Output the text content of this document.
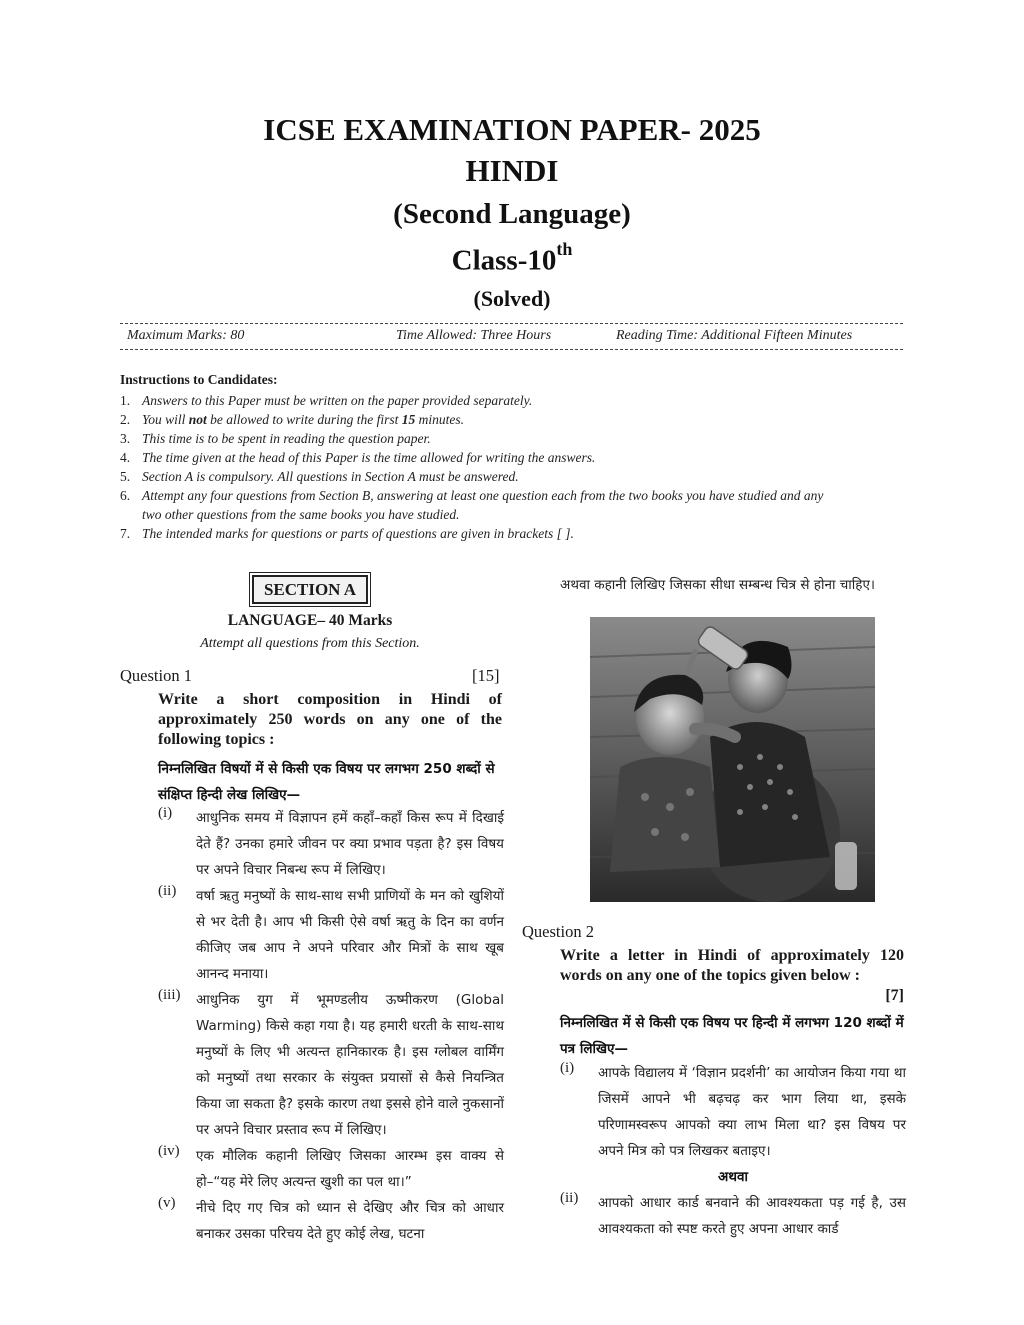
ICSE EXAMINATION PAPER- 2025
HINDI
(Second Language)
Class-10th
(Solved)
Maximum Marks: 80	Time Allowed: Three Hours	Reading Time: Additional Fifteen Minutes
Instructions to Candidates:
1. Answers to this Paper must be written on the paper provided separately.
2. You will not be allowed to write during the first 15 minutes.
3. This time is to be spent in reading the question paper.
4. The time given at the head of this Paper is the time allowed for writing the answers.
5. Section A is compulsory. All questions in Section A must be answered.
6. Attempt any four questions from Section B, answering at least one question each from the two books you have studied and any
two other questions from the same books you have studied.
7. The intended marks for questions or parts of questions are given in brackets [ ].
SECTION A
LANGUAGE– 40 Marks
Attempt all questions from this Section.
Question 1	[15]
Write a short composition in Hindi of approximately 250 words on any one of the following topics :
निम्नलिखित विषयों में से किसी एक विषय पर लगभग 250 शब्दों से संक्षिप्त हिन्दी लेख लिखिए—
(i)	आधुनिक समय में विज्ञापन हमें कहाँ–कहाँ किस रूप में दिखाई देते हैं? उनका हमारे जीवन पर क्या प्रभाव पड़ता है? इस विषय पर अपने विचार निबन्ध रूप में लिखिए।
(ii)	वर्षा ऋतु मनुष्यों के साथ-साथ सभी प्राणियों के मन को खुशियों से भर देती है। आप भी किसी ऐसे वर्षा ऋतु के दिन का वर्णन कीजिए जब आप ने अपने परिवार और मित्रों के साथ खूब आनन्द मनाया।
(iii)	आधुनिक युग में भूमण्डलीय ऊष्मीकरण (Global Warming) किसे कहा गया है। यह हमारी धरती के साथ-साथ मनुष्यों के लिए भी अत्यन्त हानिकारक है। इस ग्लोबल वार्मिंग को मनुष्यों तथा सरकार के संयुक्त प्रयासों से कैसे नियन्त्रित किया जा सकता है? इसके कारण तथा इससे होने वाले नुकसानों पर अपने विचार प्रस्ताव रूप में लिखिए।
(iv)	एक मौलिक कहानी लिखिए जिसका आरम्भ इस वाक्य से हो–“यह मेरे लिए अत्यन्त खुशी का पल था।”
(v)	नीचे दिए गए चित्र को ध्यान से देखिए और चित्र को आधार बनाकर उसका परिचय देते हुए कोई लेख, घटना
अथवा कहानी लिखिए जिसका सीधा सम्बन्ध चित्र से होना चाहिए।
Question 2
Write a letter in Hindi of approximately 120 words on any one of the topics given below :
[7]
निम्नलिखित में से किसी एक विषय पर हिन्दी में लगभग 120 शब्दों में पत्र लिखिए—
(i)	आपके विद्यालय में ‘विज्ञान प्रदर्शनी’ का आयोजन किया गया था जिसमें आपने भी बढ़चढ़ कर भाग लिया था, इसके परिणामस्वरूप आपको क्या लाभ मिला था? इस विषय पर अपने मित्र को पत्र लिखकर बताइए।
अथवा
(ii)	आपको आधार कार्ड बनवाने की आवश्यकता पड़ गई है, उस आवश्यकता को स्पष्ट करते हुए अपना आधार कार्ड
